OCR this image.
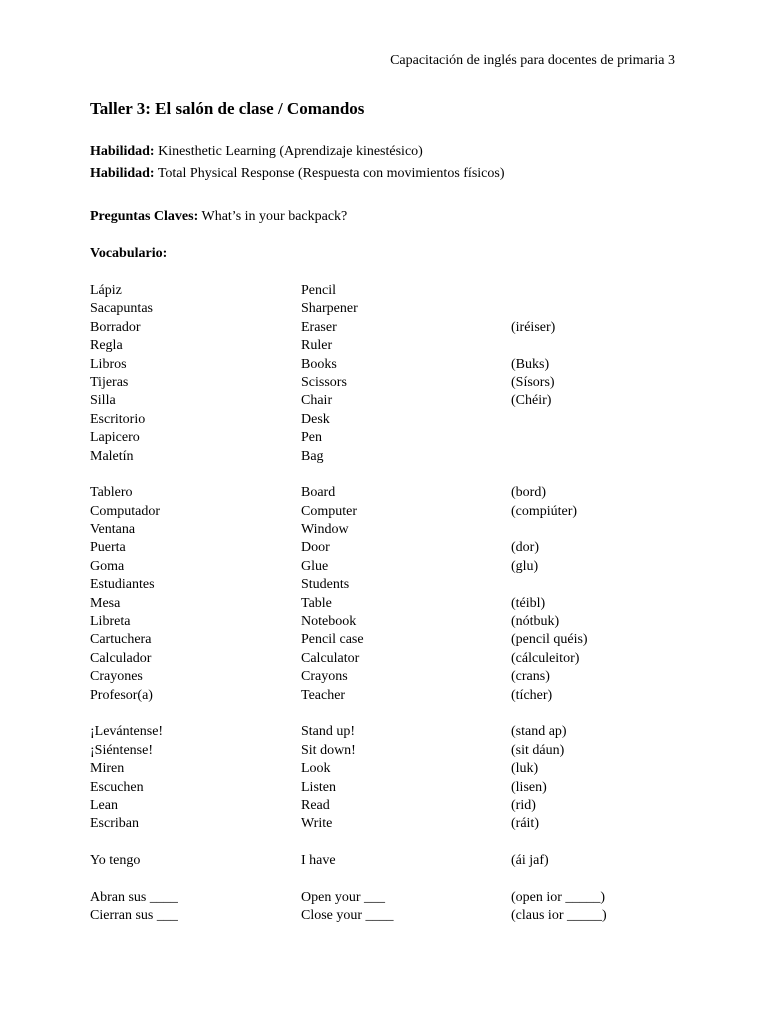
Capacitación de inglés para docentes de primaria 3
Taller 3: El salón de clase / Comandos
Habilidad: Kinesthetic Learning (Aprendizaje kinestésico)
Habilidad: Total Physical Response (Respuesta con movimientos físicos)
Preguntas Claves: What’s in your backpack?
Vocabulario:
Lápiz	Pencil
Sacapuntas	Sharpener
Borrador	Eraser	(iréiser)
Regla	Ruler
Libros	Books	(Buks)
Tijeras	Scissors	(Sísors)
Silla	Chair	(Chéir)
Escritorio	Desk
Lapicero	Pen
Maletín	Bag
Tablero	Board	(bord)
Computador	Computer	(compiúter)
Ventana	Window
Puerta	Door	(dor)
Goma	Glue	(glu)
Estudiantes	Students
Mesa	Table	(téibl)
Libreta	Notebook	(nótbuk)
Cartuchera	Pencil case	(pencil quéis)
Calculador	Calculator	(cálculeitor)
Crayones	Crayons	(crans)
Profesor(a)	Teacher	(tícher)
¡Levántense!	Stand up!	(stand ap)
¡Siéntense!	Sit down!	(sit dáun)
Miren	Look	(luk)
Escuchen	Listen	(lisen)
Lean	Read	(rid)
Escriban	Write	(ráit)
Yo tengo	I have	(ái jaf)
Abran sus ____	Open your ___	(open ior _____)
Cierran sus ___	Close your ____	(claus ior _____)
